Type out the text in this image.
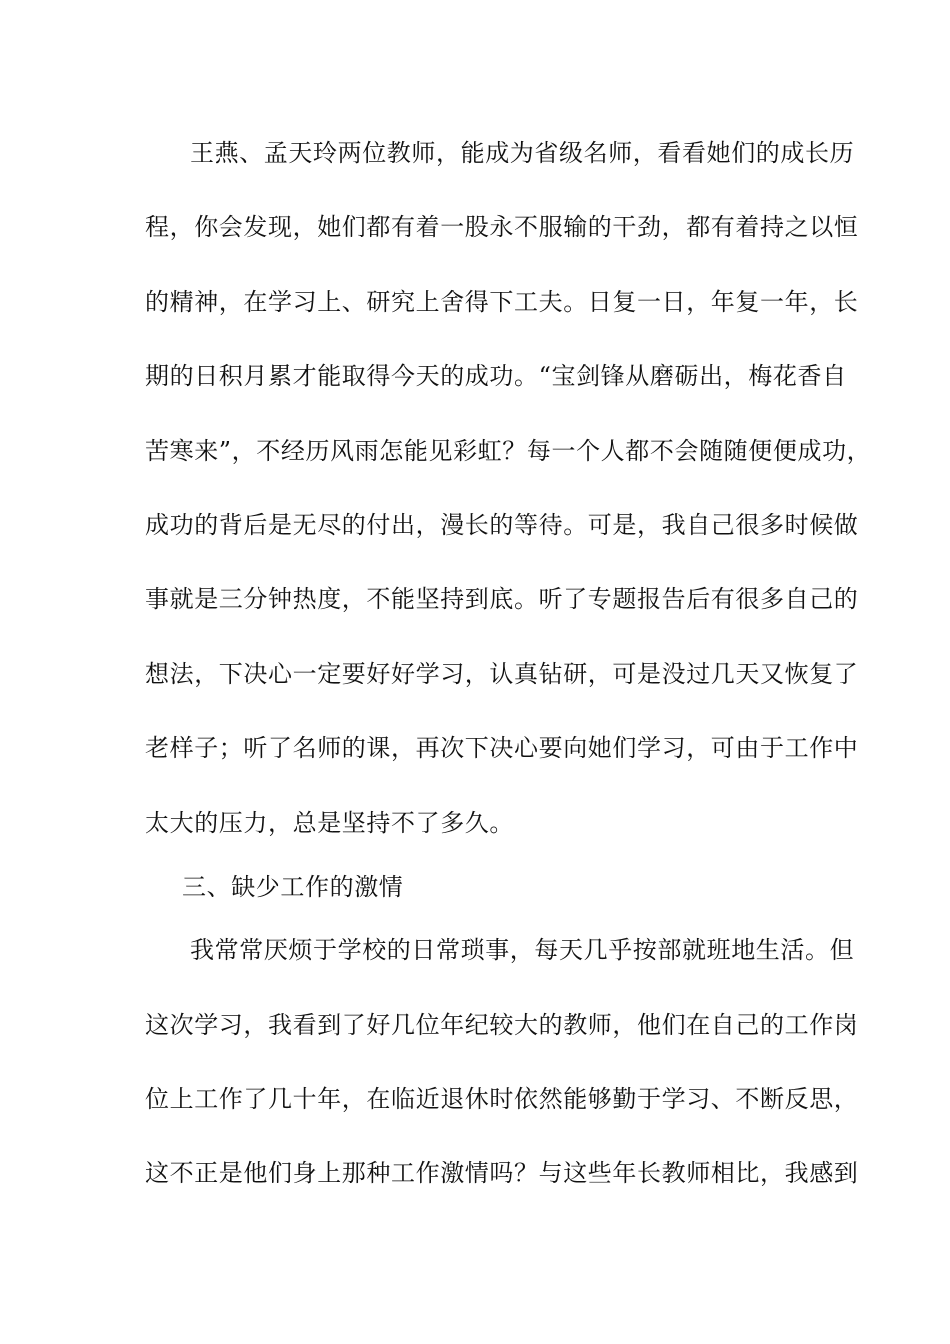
王燕、孟天玲两位教师，能成为省级名师，看看她们的成长历
程，你会发现，她们都有着一股永不服输的干劲，都有着持之以恒
的精神，在学习上、研究上舍得下工夫。日复一日，年复一年，长
期的日积月累才能取得今天的成功。“宝剑锋从磨砺出，梅花香自
苦寒来”，不经历风雨怎能见彩虹？每一个人都不会随随便便成功，
成功的背后是无尽的付出，漫长的等待。可是，我自己很多时候做
事就是三分钟热度，不能坚持到底。听了专题报告后有很多自己的
想法，下决心一定要好好学习，认真钻研，可是没过几天又恢复了
老样子；听了名师的课，再次下决心要向她们学习，可由于工作中
太大的压力，总是坚持不了多久。
三、缺少工作的激情
我常常厌烦于学校的日常琐事，每天几乎按部就班地生活。但
这次学习，我看到了好几位年纪较大的教师，他们在自己的工作岗
位上工作了几十年，在临近退休时依然能够勤于学习、不断反思，
这不正是他们身上那种工作激情吗？与这些年长教师相比，我感到
